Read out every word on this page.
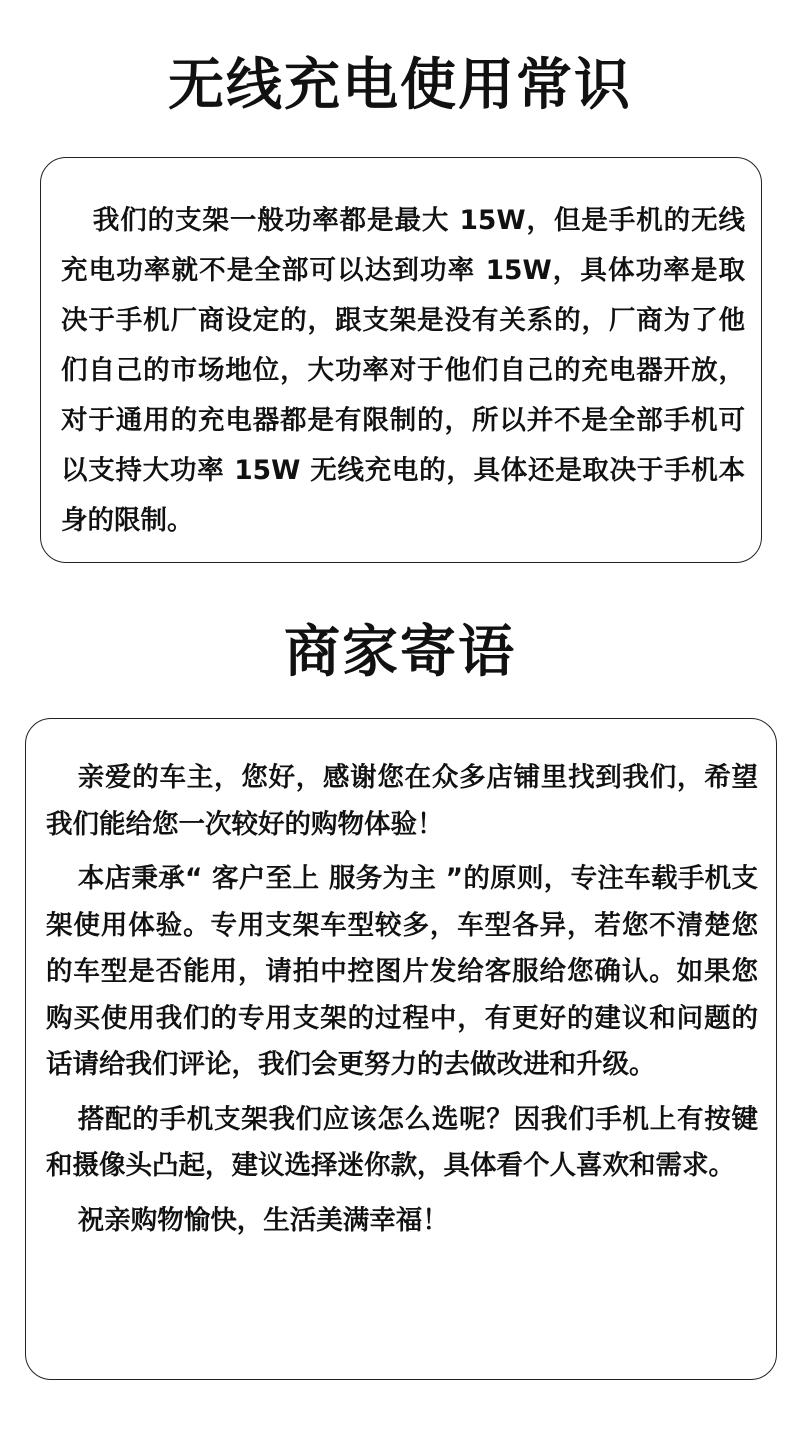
无线充电使用常识

我们的支架一般功率都是最大 15W，但是手机的无线充电功率就不是全部可以达到功率 15W，具体功率是取决于手机厂商设定的，跟支架是没有关系的，厂商为了他们自己的市场地位，大功率对于他们自己的充电器开放，对于通用的充电器都是有限制的，所以并不是全部手机可以支持大功率 15W 无线充电的，具体还是取决于手机本身的限制。

商家寄语

亲爱的车主，您好，感谢您在众多店铺里找到我们，希望我们能给您一次较好的购物体验！

本店秉承“ 客户至上 服务为主 ”的原则，专注车载手机支架使用体验。专用支架车型较多，车型各异，若您不清楚您的车型是否能用，请拍中控图片发给客服给您确认。如果您购买使用我们的专用支架的过程中，有更好的建议和问题的话请给我们评论，我们会更努力的去做改进和升级。

搭配的手机支架我们应该怎么选呢？因我们手机上有按键和摄像头凸起，建议选择迷你款，具体看个人喜欢和需求。

祝亲购物愉快，生活美满幸福！
